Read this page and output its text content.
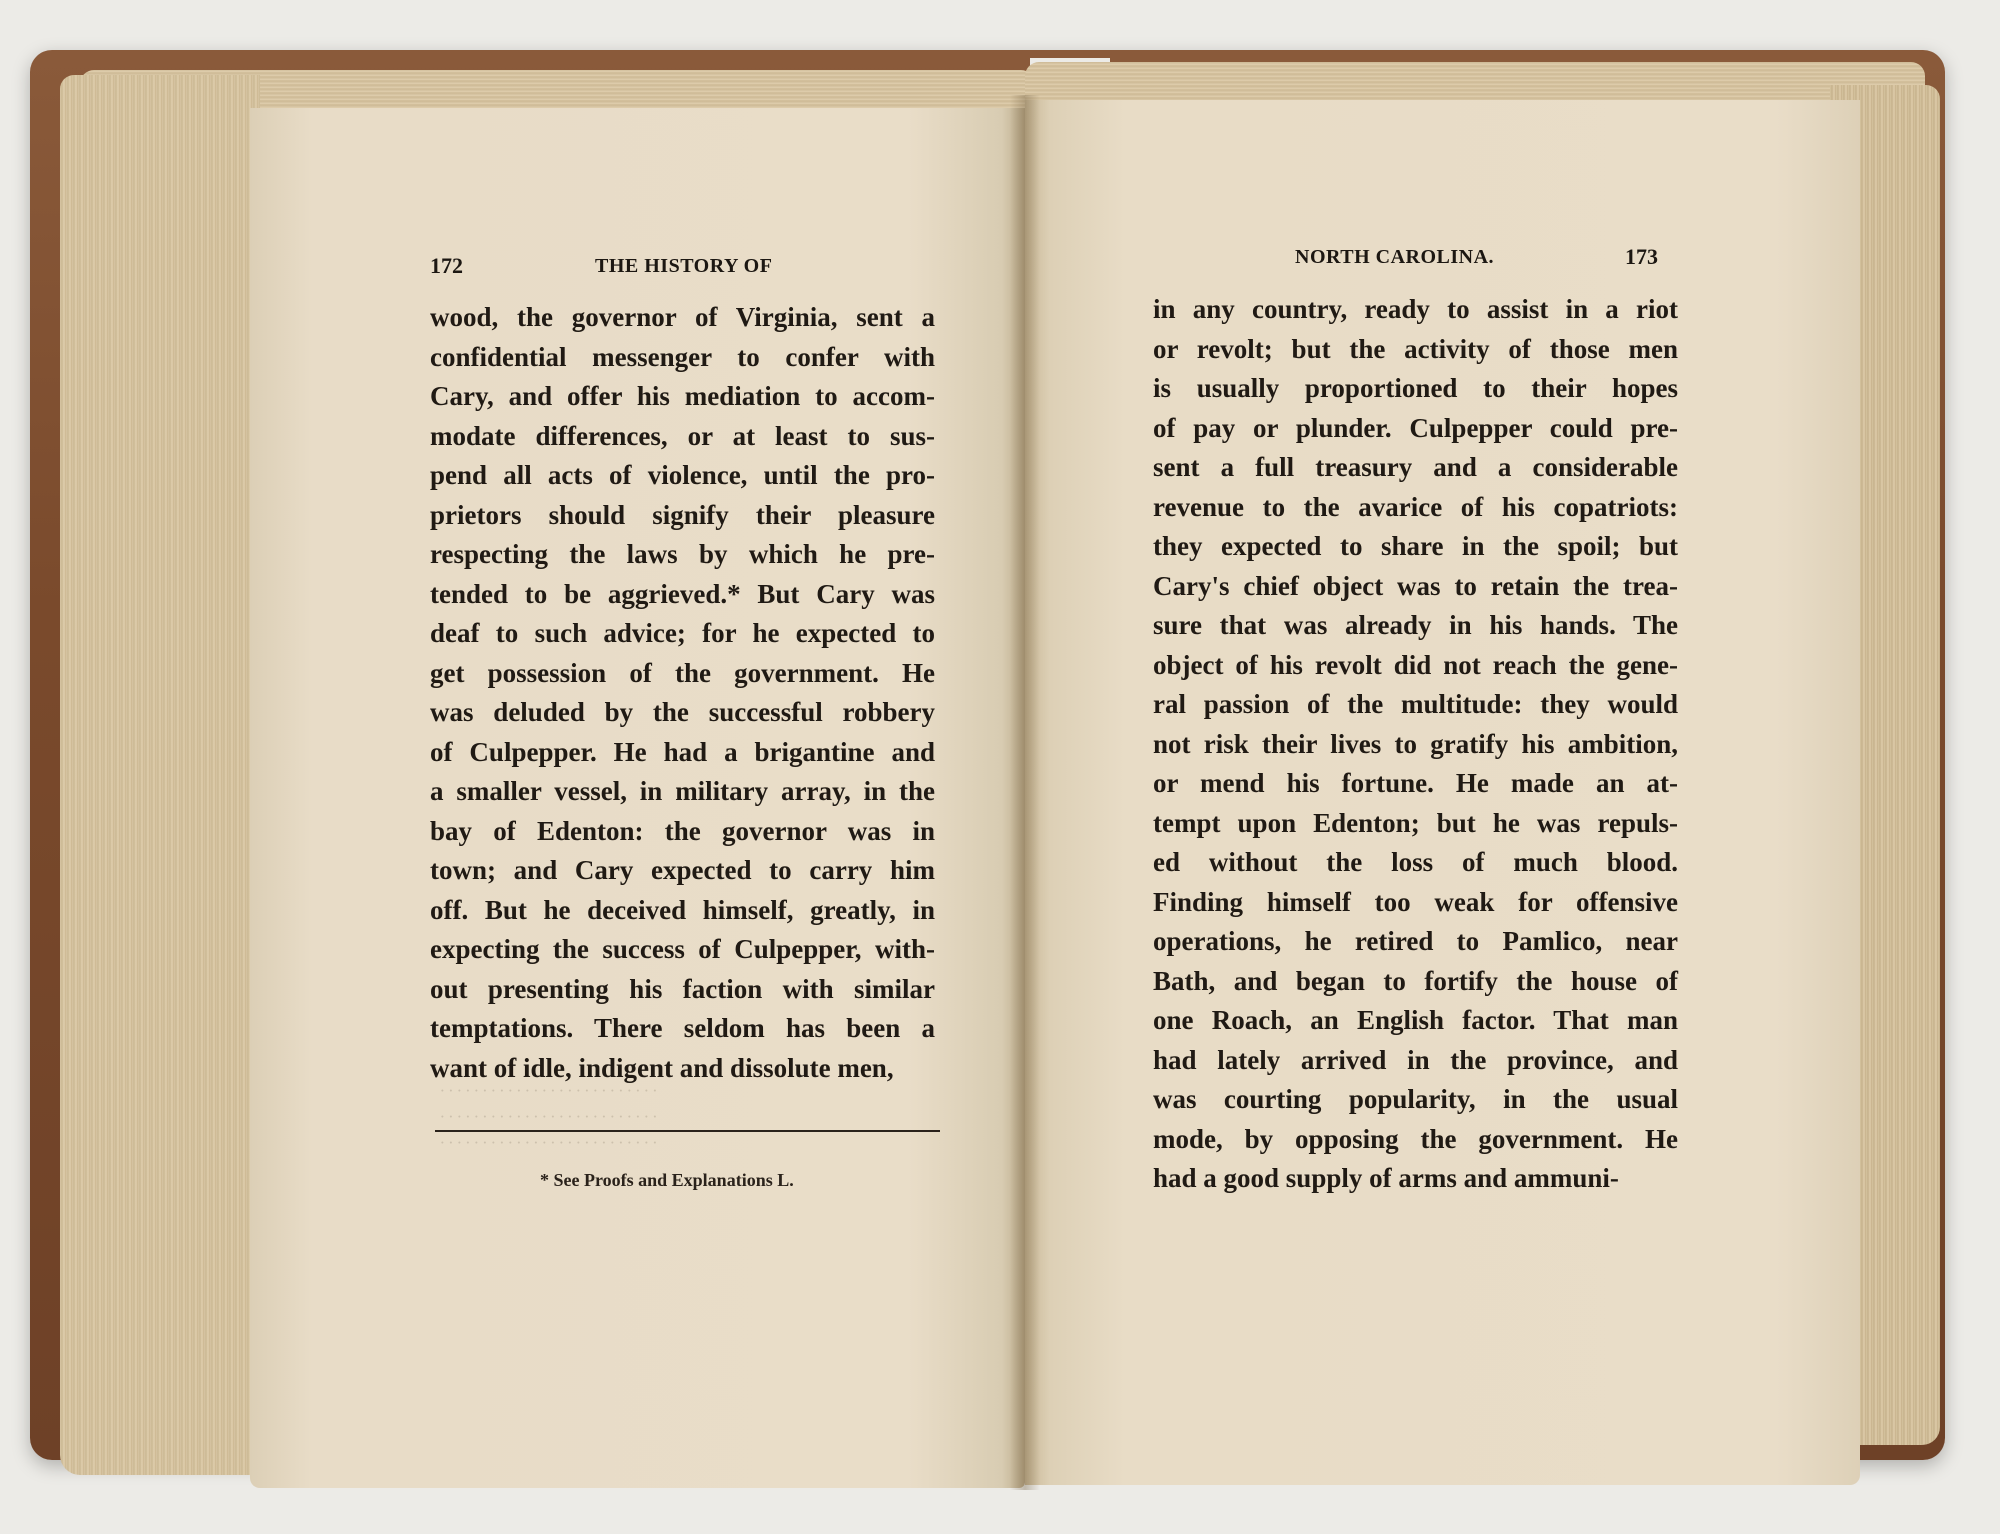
172	THE HISTORY OF
wood, the governor of Virginia, sent a
confidential messenger to confer with
Cary, and offer his mediation to accom-
modate differences, or at least to sus-
pend all acts of violence, until the pro-
prietors should signify their pleasure
respecting the laws by which he pre-
tended to be aggrieved.* But Cary was
deaf to such advice; for he expected to
get possession of the government. He
was deluded by the successful robbery
of Culpepper. He had a brigantine and
a smaller vessel, in military array, in the
bay of Edenton: the governor was in
town; and Cary expected to carry him
off. But he deceived himself, greatly, in
expecting the success of Culpepper, with-
out presenting his faction with similar
temptations. There seldom has been a
want of idle, indigent and dissolute men,
· · · · · · · · · · · · · · · · · · · · · · · · · ·
· · · · · · · · · · · · · · · · · · · · · · · · · ·
· · · · · · · · · · · · · · · · · · · · · · · · · ·
* See Proofs and Explanations L.
NORTH CAROLINA.	173
in any country, ready to assist in a riot
or revolt; but the activity of those men
is usually proportioned to their hopes
of pay or plunder. Culpepper could pre-
sent a full treasury and a considerable
revenue to the avarice of his copatriots:
they expected to share in the spoil; but
Cary's chief object was to retain the trea-
sure that was already in his hands. The
object of his revolt did not reach the gene-
ral passion of the multitude: they would
not risk their lives to gratify his ambition,
or mend his fortune. He made an at-
tempt upon Edenton; but he was repuls-
ed without the loss of much blood.
Finding himself too weak for offensive
operations, he retired to Pamlico, near
Bath, and began to fortify the house of
one Roach, an English factor. That man
had lately arrived in the province, and
was courting popularity, in the usual
mode, by opposing the government. He
had a good supply of arms and ammuni-
